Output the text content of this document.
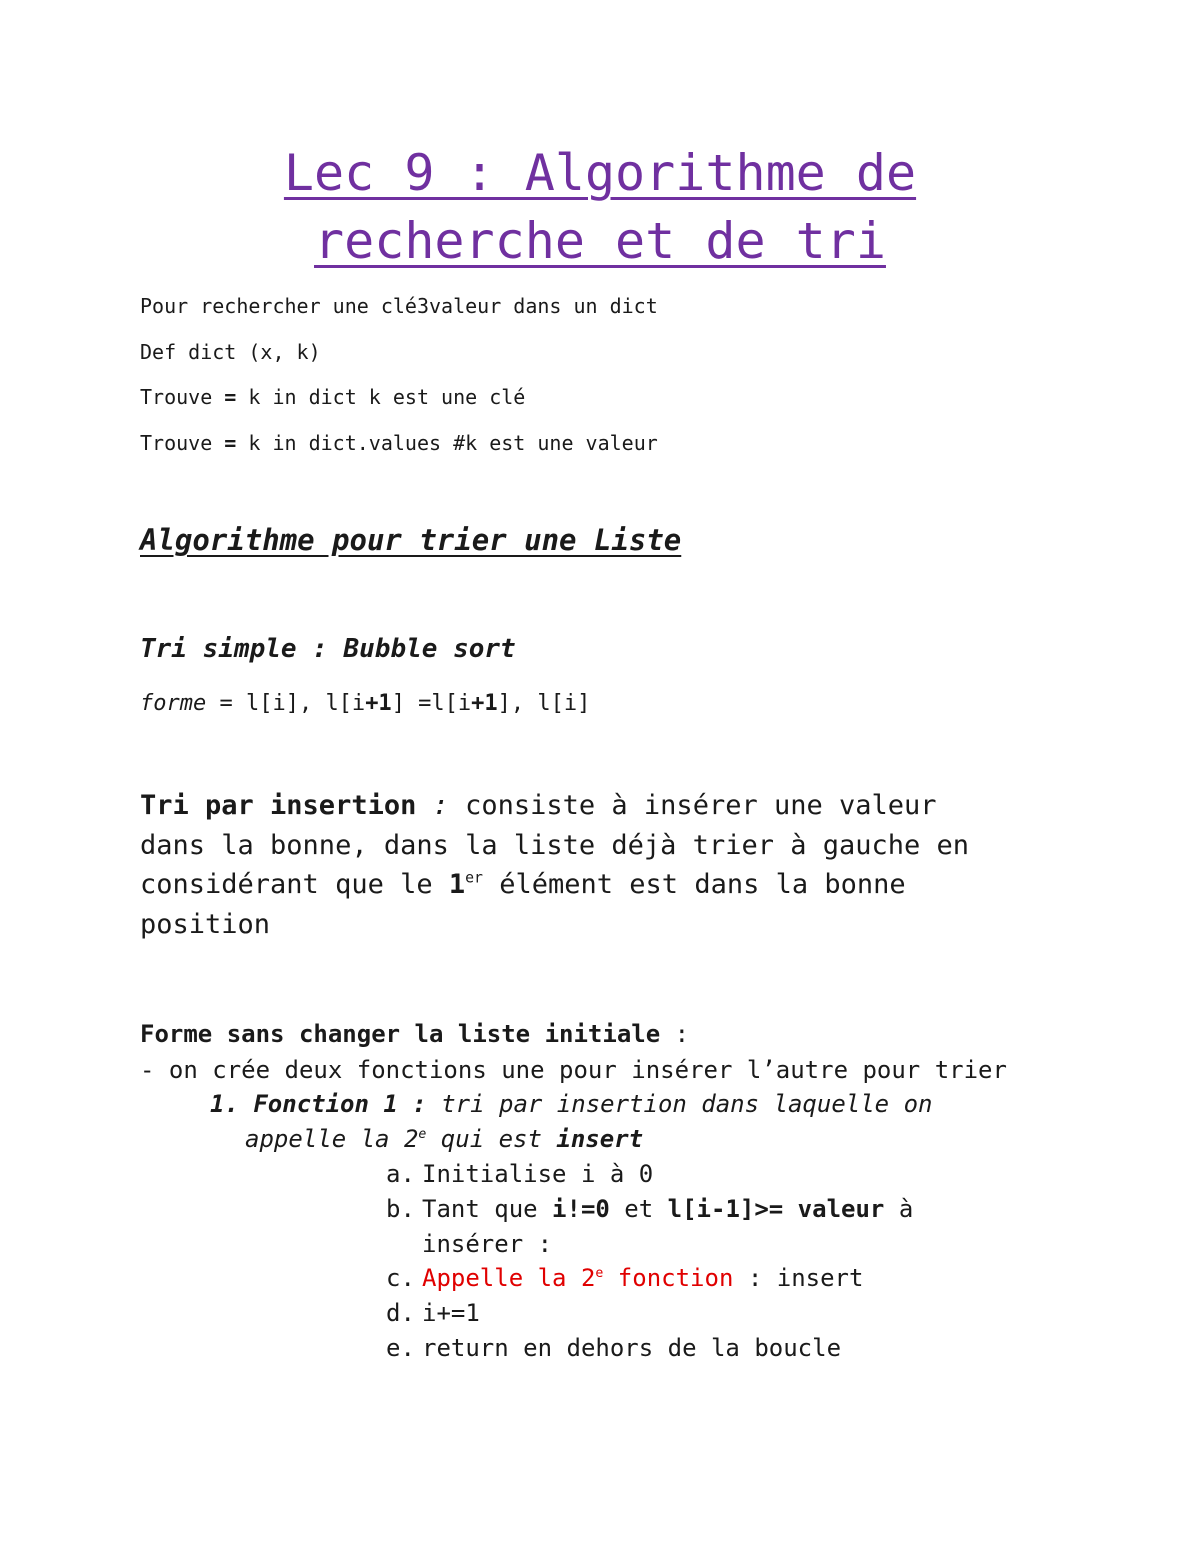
Lec 9 : Algorithme de
recherche et de tri

Pour rechercher une clé3valeur dans un dict

Def dict (x, k)

Trouve = k in dict k est une clé

Trouve = k in dict.values #k est une valeur

Algorithme pour trier une Liste

Tri simple : Bubble sort

forme = l[i], l[i+1] =l[i+1], l[i]

Tri par insertion : consiste à insérer une valeur

dans la bonne, dans la liste déjà trier à gauche en

considérant que le 1er élément est dans la bonne

position

Forme sans changer la liste initiale :

- on crée deux fonctions une pour insérer l’autre pour trier

1. Fonction 1 : tri par insertion dans laquelle on

appelle la 2e qui est insert

a. Initialise i à 0
b. Tant que i!=0 et l[i-1]>= valeur à
insérer :
c. Appelle la 2e fonction : insert
d. i+=1
e. return en dehors de la boucle
